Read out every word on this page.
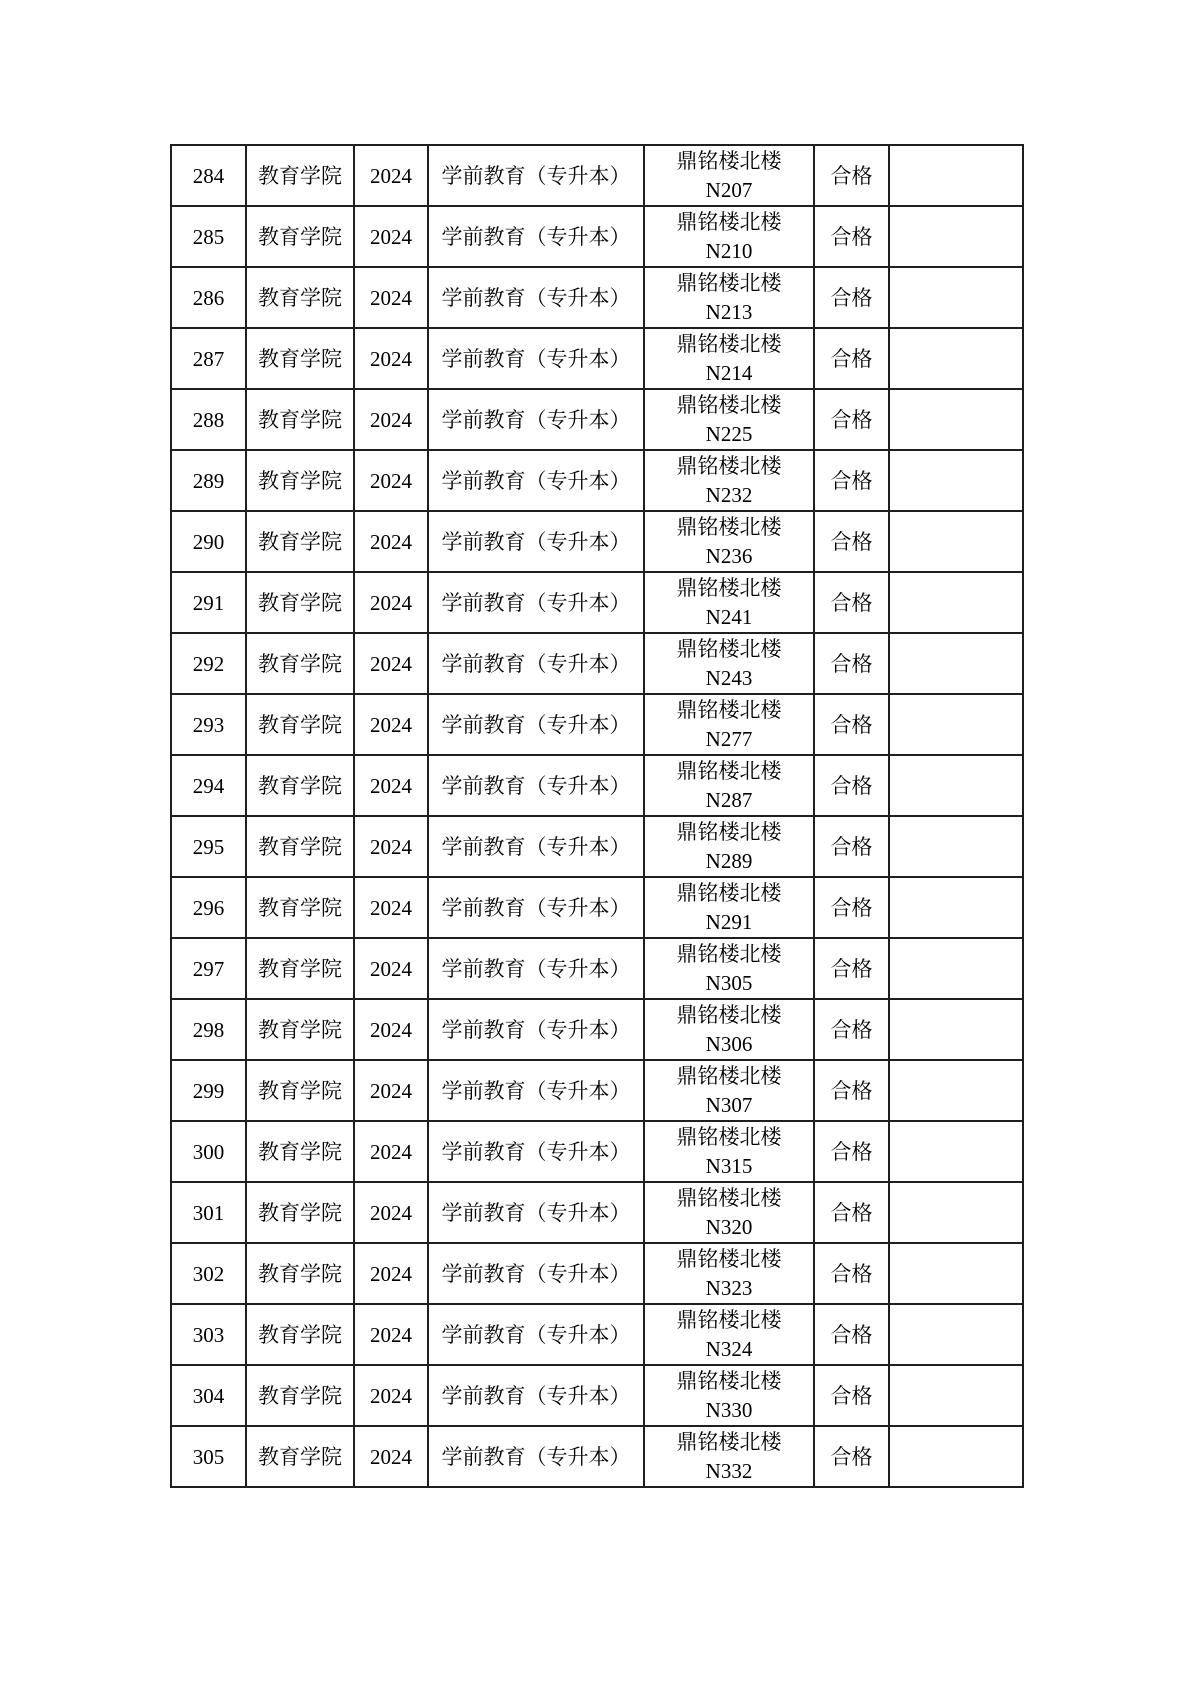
284	教育学院	2024	学前教育（专升本）	鼎铭楼北楼
N207	合格	
285	教育学院	2024	学前教育（专升本）	鼎铭楼北楼
N210	合格	
286	教育学院	2024	学前教育（专升本）	鼎铭楼北楼
N213	合格	
287	教育学院	2024	学前教育（专升本）	鼎铭楼北楼
N214	合格	
288	教育学院	2024	学前教育（专升本）	鼎铭楼北楼
N225	合格	
289	教育学院	2024	学前教育（专升本）	鼎铭楼北楼
N232	合格	
290	教育学院	2024	学前教育（专升本）	鼎铭楼北楼
N236	合格	
291	教育学院	2024	学前教育（专升本）	鼎铭楼北楼
N241	合格	
292	教育学院	2024	学前教育（专升本）	鼎铭楼北楼
N243	合格	
293	教育学院	2024	学前教育（专升本）	鼎铭楼北楼
N277	合格	
294	教育学院	2024	学前教育（专升本）	鼎铭楼北楼
N287	合格	
295	教育学院	2024	学前教育（专升本）	鼎铭楼北楼
N289	合格	
296	教育学院	2024	学前教育（专升本）	鼎铭楼北楼
N291	合格	
297	教育学院	2024	学前教育（专升本）	鼎铭楼北楼
N305	合格	
298	教育学院	2024	学前教育（专升本）	鼎铭楼北楼
N306	合格	
299	教育学院	2024	学前教育（专升本）	鼎铭楼北楼
N307	合格	
300	教育学院	2024	学前教育（专升本）	鼎铭楼北楼
N315	合格	
301	教育学院	2024	学前教育（专升本）	鼎铭楼北楼
N320	合格	
302	教育学院	2024	学前教育（专升本）	鼎铭楼北楼
N323	合格	
303	教育学院	2024	学前教育（专升本）	鼎铭楼北楼
N324	合格	
304	教育学院	2024	学前教育（专升本）	鼎铭楼北楼
N330	合格	
305	教育学院	2024	学前教育（专升本）	鼎铭楼北楼
N332	合格	
